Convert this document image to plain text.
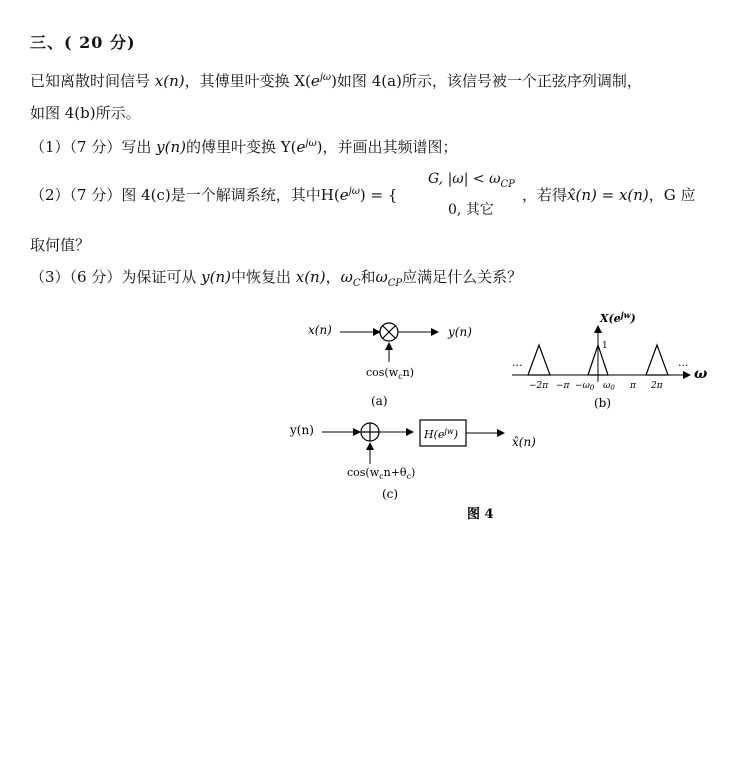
三、( 20 分)
已知离散时间信号 x(n)，其傅里叶变换 $X(e^{j\omega})$如图 4(a)所示，该信号被一个正弦序列调制，
如图 4(b)所示。
（1）（7 分）写出 y(n)的傅里叶变换 $Y(e^{j\omega})$，并画出其频谱图；
（2）（7 分）图 4(c)是一个解调系统，其中$H(e^{j\omega})$ = {
G, $|\omega| < \omega_{CP}$
0, 其它
，若得x̂(n) = x(n)，G 应
取何值？
（3）（6 分）为保证可从 y(n)中恢复出 x(n)，$\omega_C$和$\omega_{CP}$应满足什么关系？
x(n)	y(n)
$\cos(w_cn)$
(a)
$X(e^{jw})$
1
...	...
ω
$-2\pi -\pi -\omega_0$ $\omega_0$ π 2π
(b)
y(n)	$H(e^{jw})$
x̂(n)
$\cos(w_cn+\theta_c)$
(c)
图 4
